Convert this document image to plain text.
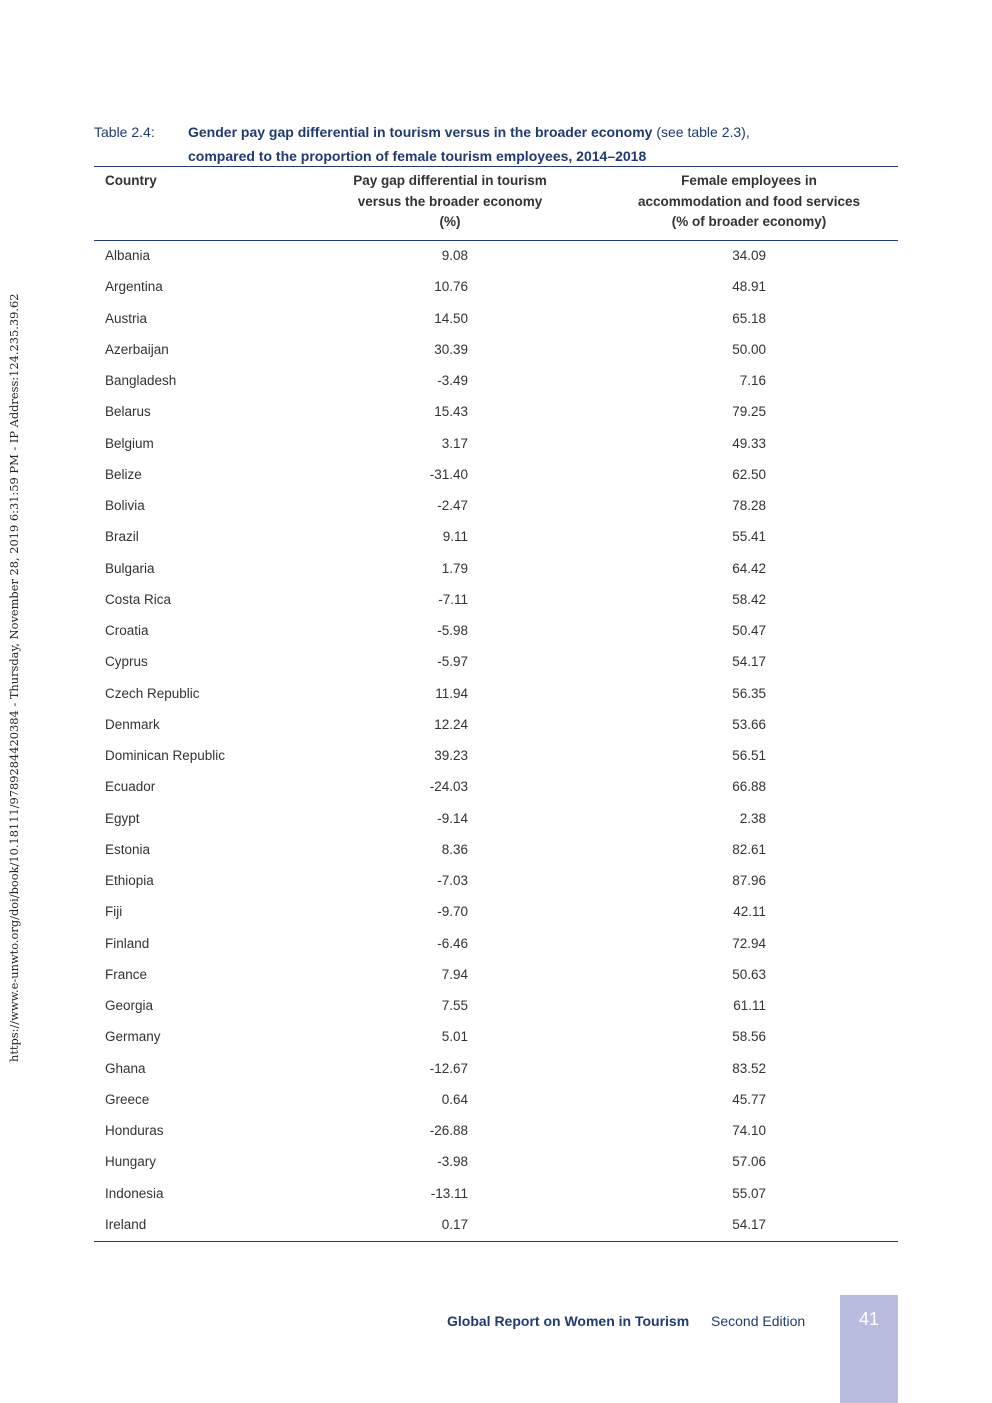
https://www.e-unwto.org/doi/book/10.18111/9789284420384 - Thursday, November 28, 2019 6:31:59 PM - IP Address:124.235.39.62
Table 2.4: Gender pay gap differential in tourism versus in the broader economy (see table 2.3),
compared to the proportion of female tourism employees, 2014–2018
Country	Pay gap differential in tourism
versus the broader economy
(%)
Female employees in
accommodation and food services
(% of broader economy)
Albania	9.08	34.09
Argentina	10.76	48.91
Austria	14.50	65.18
Azerbaijan	30.39	50.00
Bangladesh	-3.49	7.16
Belarus	15.43	79.25
Belgium	3.17	49.33
Belize	-31.40	62.50
Bolivia	-2.47	78.28
Brazil	9.11	55.41
Bulgaria	1.79	64.42
Costa Rica	-7.11	58.42
Croatia	-5.98	50.47
Cyprus	-5.97	54.17
Czech Republic	11.94	56.35
Denmark	12.24	53.66
Dominican Republic	39.23	56.51
Ecuador	-24.03	66.88
Egypt	-9.14	2.38
Estonia	8.36	82.61
Ethiopia	-7.03	87.96
Fiji	-9.70	42.11
Finland	-6.46	72.94
France	7.94	50.63
Georgia	7.55	61.11
Germany	5.01	58.56
Ghana	-12.67	83.52
Greece	0.64	45.77
Honduras	-26.88	74.10
Hungary	-3.98	57.06
Indonesia	-13.11	55.07
Ireland	0.17	54.17
Global Report on Women in Tourism Second Edition	41
